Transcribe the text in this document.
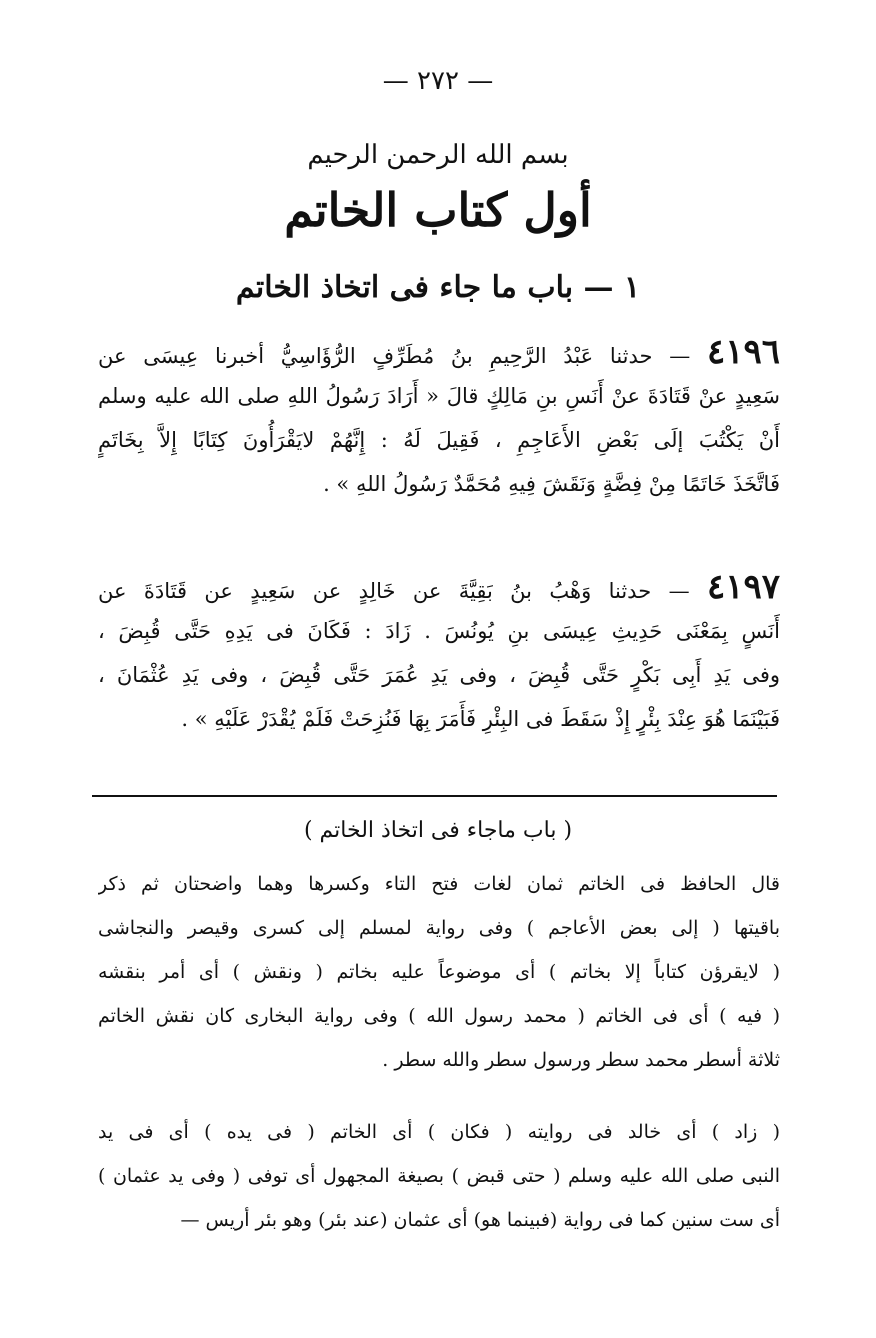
— ٢٧٢ —
بسم الله الرحمن الرحيم
أول كتاب الخاتم
١ — باب ما جاء فى اتخاذ الخاتم
٤١٩٦ — حدثنا عَبْدُ الرَّحِيمِ بنُ مُطَرِّفٍ الرُّؤَاسِيُّ أخبرنا عِيسَى عن
سَعِيدٍ عنْ قَتَادَةَ عنْ أَنَسِ بنِ مَالِكٍ قالَ « أَرَادَ رَسُولُ اللهِ صلى الله عليه وسلم
أَنْ يَكْتُبَ إلَى بَعْضِ الأَعَاجِمِ ، فَقِيلَ لَهُ : إِنَّهُمْ لايَقْرَأُونَ كِتَابًا إِلاَّ بِخَاتَمٍ
فَاتَّخَذَ خَاتَمًا مِنْ فِضَّةٍ وَنَقَشَ فِيهِ مُحَمَّدٌ رَسُولُ اللهِ » .
٤١٩٧ — حدثنا وَهْبُ بنُ بَقِيَّةَ عن خَالِدٍ عن سَعِيدٍ عن قَتَادَةَ عن
أَنَسٍ بِمَعْنَى حَدِيثِ عِيسَى بنِ يُونُسَ . زَادَ : فَكَانَ فى يَدِهِ حَتَّى قُبِضَ ،
وفى يَدِ أَبِى بَكْرٍ حَتَّى قُبِضَ ، وفى يَدِ عُمَرَ حَتَّى قُبِضَ ، وفى يَدِ عُثْمَانَ ،
فَبَيْنَمَا هُوَ عِنْدَ بِئْرٍ إِذْ سَقَطَ فى البِئْرِ فَأَمَرَ بِهَا فَنُزِحَتْ فَلَمْ يُقْدَرْ عَلَيْهِ » .
( باب ماجاء فى اتخاذ الخاتم )
قال الحافظ فى الخاتم ثمان لغات فتح التاء وكسرها وهما واضحتان ثم ذكر
باقيتها ( إلى بعض الأعاجم ) وفى رواية لمسلم إلى كسرى وقيصر والنجاشى
( لايقرؤن كتاباً إلا بخاتم ) أى موضوعاً عليه بخاتم ( ونقش ) أى أمر بنقشه
( فيه ) أى فى الخاتم ( محمد رسول الله ) وفى رواية البخارى كان نقش الخاتم
ثلاثة أسطر محمد سطر ورسول سطر والله سطر .
( زاد ) أى خالد فى روايته ( فكان ) أى الخاتم ( فى يده ) أى فى يد
النبى صلى الله عليه وسلم ( حتى قبض ) بصيغة المجهول أى توفى ( وفى يد عثمان )
أى ست سنين كما فى رواية (فبينما هو) أى عثمان (عند بئر) وهو بئر أريس —
